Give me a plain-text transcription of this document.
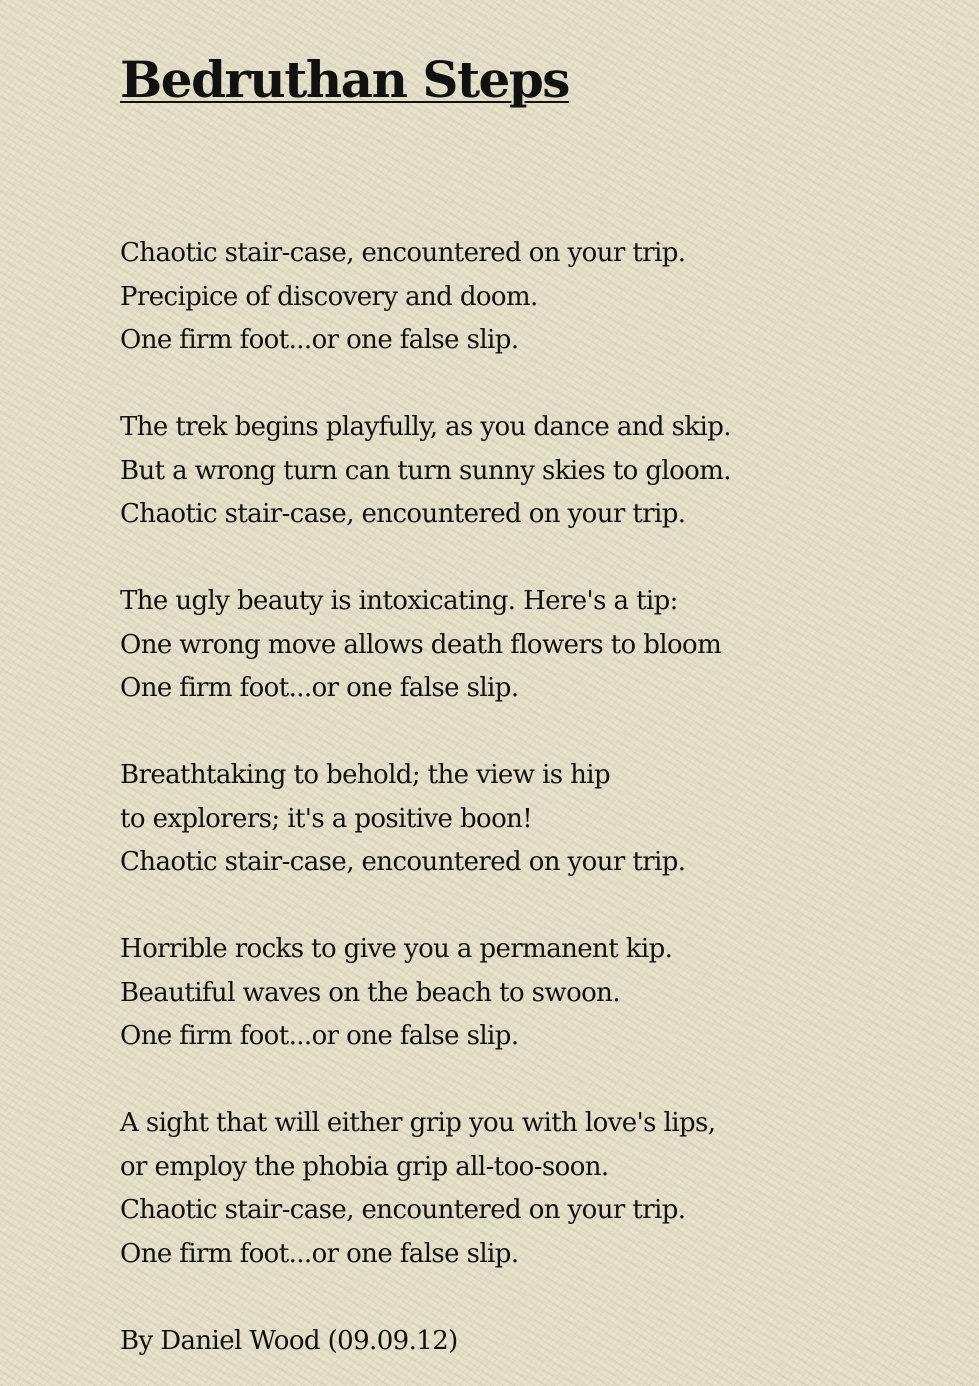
Bedruthan Steps
Chaotic stair-case, encountered on your trip.
Precipice of discovery and doom.
One firm foot...or one false slip.
The trek begins playfully, as you dance and skip.
But a wrong turn can turn sunny skies to gloom.
Chaotic stair-case, encountered on your trip.
The ugly beauty is intoxicating. Here's a tip:
One wrong move allows death flowers to bloom
One firm foot...or one false slip.
Breathtaking to behold; the view is hip
to explorers; it's a positive boon!
Chaotic stair-case, encountered on your trip.
Horrible rocks to give you a permanent kip.
Beautiful waves on the beach to swoon.
One firm foot...or one false slip.
A sight that will either grip you with love's lips,
or employ the phobia grip all-too-soon.
Chaotic stair-case, encountered on your trip.
One firm foot...or one false slip.
By Daniel Wood (09.09.12)
